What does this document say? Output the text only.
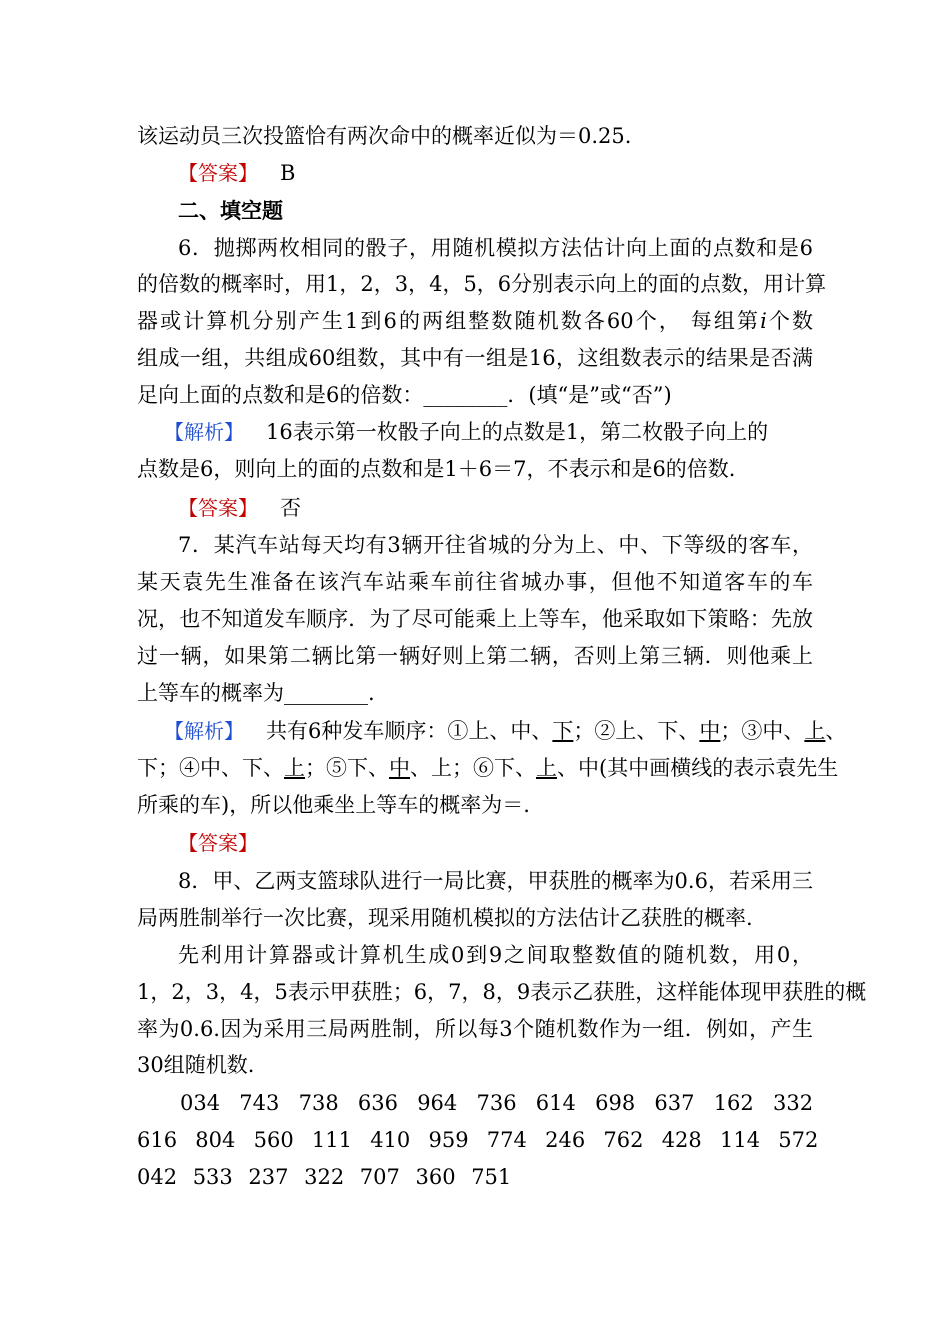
该运动员三次投篮恰有两次命中的概率近似为＝0.25.
【答案】 B
二、填空题
6．抛掷两枚相同的骰子，用随机模拟方法估计向上面的点数和是6
的倍数的概率时，用1，2，3，4，5，6分别表示向上的面的点数，用计算
器或计算机分别产生1到6的两组整数随机数各60个， 每组第i个数
组成一组，共组成60组数，其中有一组是16，这组数表示的结果是否满
足向上面的点数和是6的倍数：________．(填“是”或“否”)
【解析】 16表示第一枚骰子向上的点数是1，第二枚骰子向上的
点数是6，则向上的面的点数和是1＋6＝7，不表示和是6的倍数.
【答案】 否
7．某汽车站每天均有3辆开往省城的分为上、中、下等级的客车，
某天袁先生准备在该汽车站乘车前往省城办事，但他不知道客车的车
况，也不知道发车顺序．为了尽可能乘上上等车，他采取如下策略：先放
过一辆，如果第二辆比第一辆好则上第二辆，否则上第三辆．则他乘上
上等车的概率为________.
【解析】 共有6种发车顺序：①上、中、下；②上、下、中；③中、上、
下；④中、下、上；⑤下、中、上；⑥下、上、中(其中画横线的表示袁先生
所乘的车)，所以他乘坐上等车的概率为＝.
【答案】
8．甲、乙两支篮球队进行一局比赛，甲获胜的概率为0.6，若采用三
局两胜制举行一次比赛，现采用随机模拟的方法估计乙获胜的概率.
先利用计算器或计算机生成0到9之间取整数值的随机数，用0，
1，2，3，4，5表示甲获胜；6，7，8，9表示乙获胜，这样能体现甲获胜的概
率为0.6.因为采用三局两胜制，所以每3个随机数作为一组．例如，产生
30组随机数.
034 743 738 636 964 736 614 698 637 162 332
616 804 560 111 410 959 774 246 762 428 114 572
042 533 237 322 707 360 751
